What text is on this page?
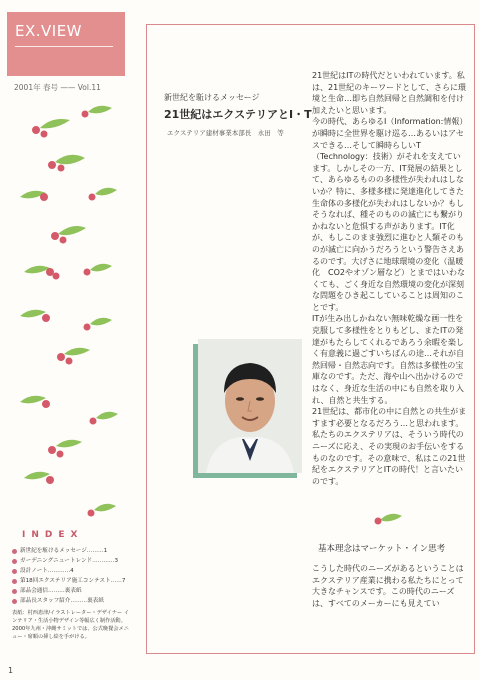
EX.VIEW
2001年 春号 —— Vol.11
INDEX
新世紀を駈けるメッセージ………1
ガーデニングニュートレンド…………3
設計ノート…………4
第18回エクステリア施工コンテスト……7
部品会通信………裏表紙
部品長スタッフ紹介………裏表紙
表紙：村西恵津/イラストレーター・デザイナー インテリア・生活小物デザイン等幅広く制作活動。2000年九州・沖縄サミットでは、公式晩餐会メニュー・席順の挿し絵を手がける。
1
新世紀を駈けるメッセージ
21世紀はエクステリアとI・T
エクステリア建材事業本部長　永田　等

21世紀はITの時代だといわれています。私は、21世紀のキーワードとして、さらに環境と生命…即ち自然回帰と自然調和を付け加えたいと思います。

今の時代、あらゆるI（Information:情報）が瞬時に全世界を駆け巡る…あるいはアセスできる…そして瞬時らしいT（Technology：技術）がそれを支えています。しかしその一方、IT発展の結果として、あらゆるものの多様性が失われはしないか？特に、多様多様に発達進化してきた生命体の多様化が失われはしないか？もしそうなれば、種そのものの滅亡にも繋がりかねないと危惧する声があります。IT化が、もしこのまま強烈に進むと人類そのものが滅亡に向かうだろうという警告さえあるのです。大げさに地球環境の変化（温暖化　CO2やオゾン層など）とまではいわなくても、ごく身近な自然環境の変化が深刻な問題をひき起こしていることは周知のことです。

ITが生み出しかねない無味乾燥な画一性を克服して多様性をとりもどし、またITの発達がもたらしてくれるであろう余暇を楽しく有意義に過ごすいちばんの途…それが自然回帰・自然志向です。自然は多様性の宝庫なのです。ただ、海や山へ出かけるのではなく、身近な生活の中にも自然を取り入れ、自然と共生する。

21世紀は、都市化の中に自然との共生がますます必要となるだろう…と思われます。私たちのエクステリアは、そういう時代のニーズに応え、その実現のお手伝いをするものなのです。その意味で、私はこの21世紀をエクステリアとITの時代！と言いたいのです。

基本理念はマーケット・イン思考
こうした時代のニーズがあるということはエクステリア産業に携わる私たちにとって大きなチャンスです。この時代のニーズは、すべてのメーカーにも見えてい
